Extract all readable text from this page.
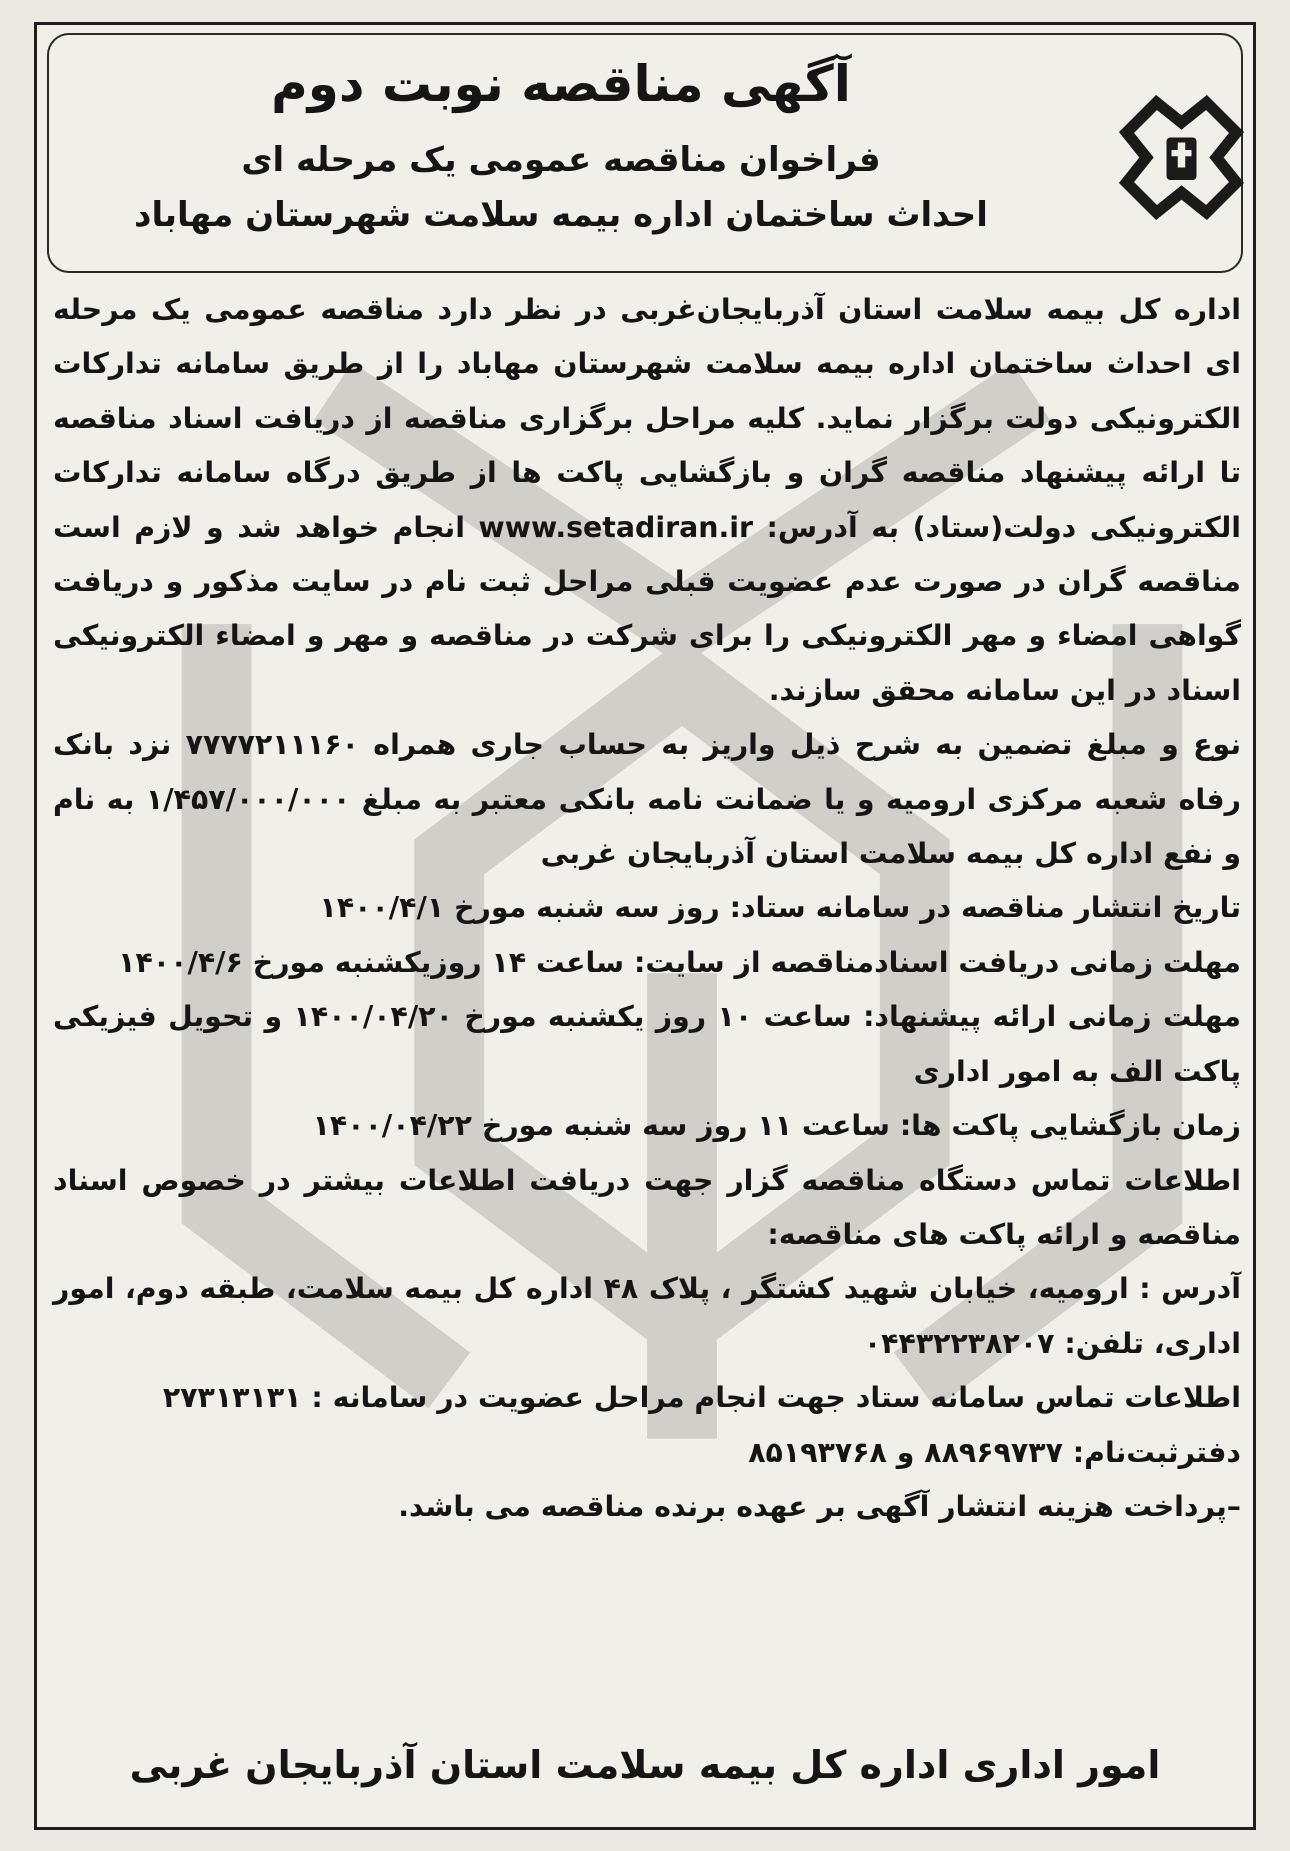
آگهی مناقصه نوبت دوم
فراخوان مناقصه عمومی یک مرحله ای
احداث ساختمان اداره بیمه سلامت شهرستان مهاباد

اداره کل بیمه سلامت استان آذربایجان‌غربی در نظر دارد مناقصه عمومی یک مرحله ای احداث ساختمان اداره بیمه سلامت شهرستان مهاباد را از طریق سامانه تدارکات الکترونیکی دولت برگزار نماید. کلیه مراحل برگزاری مناقصه از دریافت اسناد مناقصه تا ارائه پیشنهاد مناقصه گران و بازگشایی پاکت ها از طریق درگاه سامانه تدارکات الکترونیکی دولت(ستاد) به آدرس: www.setadiran.ir انجام خواهد شد و لازم است مناقصه گران در صورت عدم عضویت قبلی مراحل ثبت نام در سایت مذکور و دریافت گواهی امضاء و مهر الکترونیکی را برای شرکت در مناقصه و مهر و امضاء الکترونیکی اسناد در این سامانه محقق سازند.

نوع و مبلغ تضمین به شرح ذیل واریز به حساب جاری همراه ۷۷۷۷۲۱۱۱۶۰ نزد بانک رفاه شعبه مرکزی ارومیه و یا ضمانت نامه بانکی معتبر به مبلغ ۱/۴۵۷/۰۰۰/۰۰۰ به نام و نفع اداره کل بیمه سلامت استان آذربایجان غربی

تاریخ انتشار مناقصه در سامانه ستاد: روز سه شنبه مورخ ۱۴۰۰/۴/۱

مهلت زمانی دریافت اسنادمناقصه از سایت: ساعت ۱۴ روزیکشنبه مورخ ۱۴۰۰/۴/۶

مهلت زمانی ارائه پیشنهاد: ساعت ۱۰ روز یکشنبه مورخ ۱۴۰۰/۰۴/۲۰ و تحویل فیزیکی پاکت الف به امور اداری

زمان بازگشایی پاکت ها: ساعت ۱۱ روز سه شنبه مورخ ۱۴۰۰/۰۴/۲۲

اطلاعات تماس دستگاه مناقصه گزار جهت دریافت اطلاعات بیشتر در خصوص اسناد مناقصه و ارائه پاکت های مناقصه:

آدرس : ارومیه، خیابان شهید کشتگر ، پلاک ۴۸ اداره کل بیمه سلامت، طبقه دوم، امور اداری، تلفن: ۰۴۴۳۲۲۳۸۲۰۷

اطلاعات تماس سامانه ستاد جهت انجام مراحل عضویت در سامانه : ۲۷۳۱۳۱۳۱

دفترثبت‌نام: ۸۸۹۶۹۷۳۷ و ۸۵۱۹۳۷۶۸

–پرداخت هزینه انتشار آگهی بر عهده برنده مناقصه می باشد.

امور اداری اداره کل بیمه سلامت استان آذربایجان غربی
